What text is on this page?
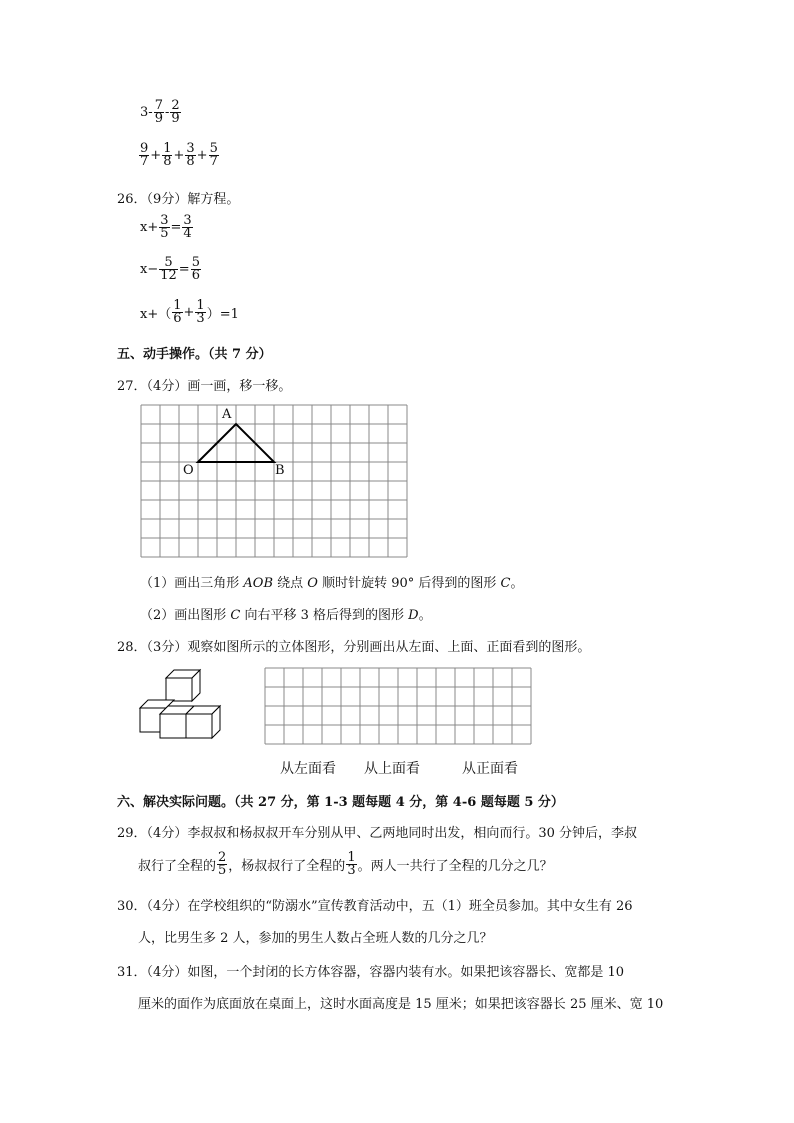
$3 - \frac{7}{9} - \frac{2}{9}$
$\frac{9}{7} + \frac{1}{8} + \frac{3}{8} + \frac{5}{7}$
26．（9分）解方程。
$x+ \frac{3}{5} = \frac{3}{4}$
$x- \frac{5}{12} = \frac{5}{6}$
$x+( \frac{1}{6} + \frac{1}{3} )=1$
五、动手操作。（共 7 分）
27．（4分）画一画，移一移。
A
O	B
（1）画出三角形 AOB 绕点 O 顺时针旋转 90° 后得到的图形 C。
（2）画出图形 C 向右平移 3 格后得到的图形 D。
28．（3分）观察如图所示的立体图形，分别画出从左面、上面、正面看到的图形。
从左面看 从上面看	从正面看
六、解决实际问题。（共 27 分，第 1-3 题每题 4 分，第 4-6 题每题 5 分）
29．（4分）李叔叔和杨叔叔开车分别从甲、乙两地同时出发，相向而行。30 分钟后，李叔
叔行了全程的 $\frac{2}{5}$ ，杨叔叔行了全程的 $\frac{1}{3}$ 。两人一共行了全程的几分之几？
30．（4分）在学校组织的“防溺水”宣传教育活动中，五（1）班全员参加。其中女生有 26
人，比男生多 2 人，参加的男生人数占全班人数的几分之几？
31．（4分）如图，一个封闭的长方体容器，容器内装有水。如果把该容器长、宽都是 10
厘米的面作为底面放在桌面上，这时水面高度是 15 厘米；如果把该容器长 25 厘米、宽 10
